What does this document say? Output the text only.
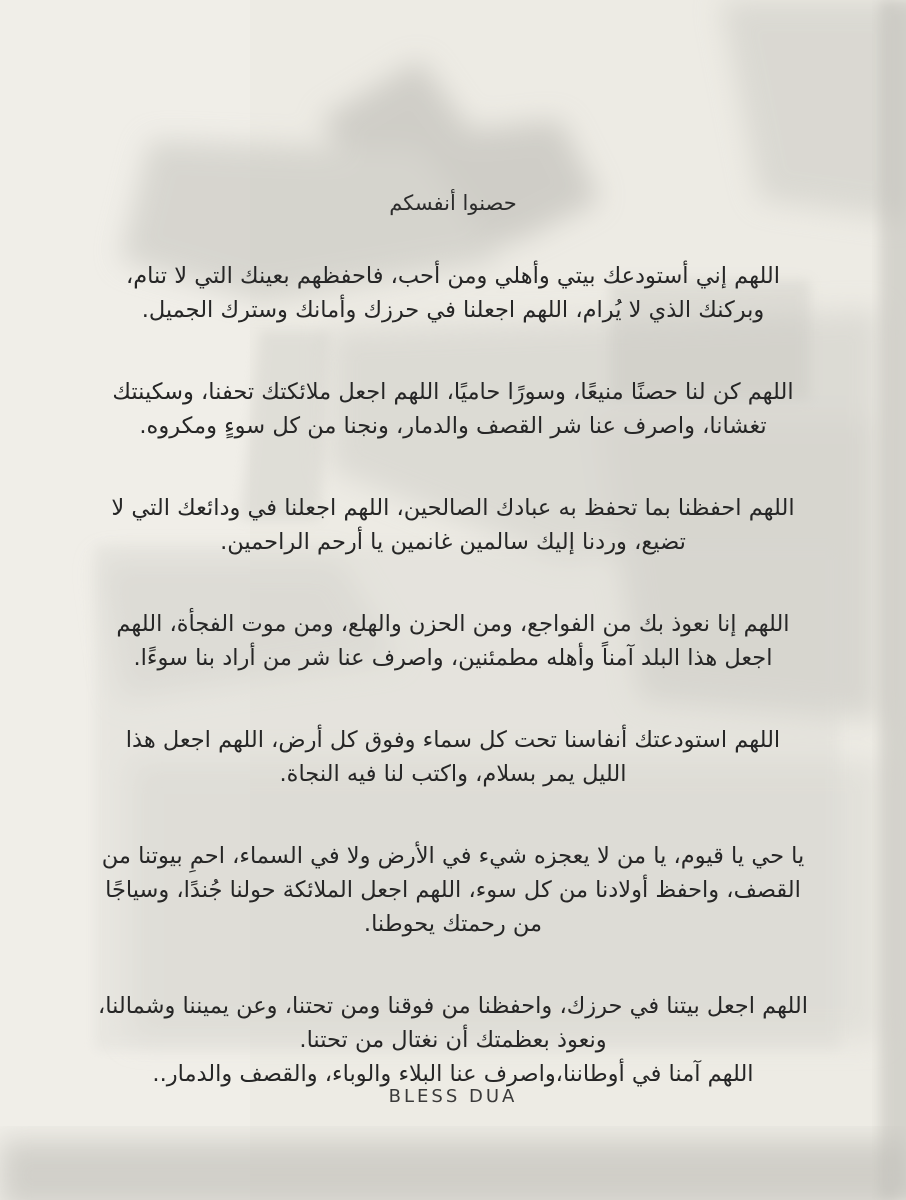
حصنوا أنفسكم
اللهم إني أستودعك بيتي وأهلي ومن أحب، فاحفظهم بعينك التي لا تنام،
وبركنك الذي لا يُرام، اللهم اجعلنا في حرزك وأمانك وسترك الجميل.
اللهم كن لنا حصنًا منيعًا، وسورًا حاميًا، اللهم اجعل ملائكتك تحفنا، وسكينتك
تغشانا، واصرف عنا شر القصف والدمار، ونجنا من كل سوءٍ ومكروه.
اللهم احفظنا بما تحفظ به عبادك الصالحين، اللهم اجعلنا في ودائعك التي لا
تضيع، وردنا إليك سالمين غانمين يا أرحم الراحمين.
اللهم إنا نعوذ بك من الفواجع، ومن الحزن والهلع، ومن موت الفجأة، اللهم
اجعل هذا البلد آمناً وأهله مطمئنين، واصرف عنا شر من أراد بنا سوءًا.
اللهم استودعتك أنفاسنا تحت كل سماء وفوق كل أرض، اللهم اجعل هذا
الليل يمر بسلام، واكتب لنا فيه النجاة.
يا حي يا قيوم، يا من لا يعجزه شيء في الأرض ولا في السماء، احمِ بيوتنا من
القصف، واحفظ أولادنا من كل سوء، اللهم اجعل الملائكة حولنا جُندًا، وسياجًا
من رحمتك يحوطنا.
اللهم اجعل بيتنا في حرزك، واحفظنا من فوقنا ومن تحتنا، وعن يميننا وشمالنا،
ونعوذ بعظمتك أن نغتال من تحتنا.
اللهم آمنا في أوطاننا،واصرف عنا البلاء والوباء، والقصف والدمار..
BLESS DUA
